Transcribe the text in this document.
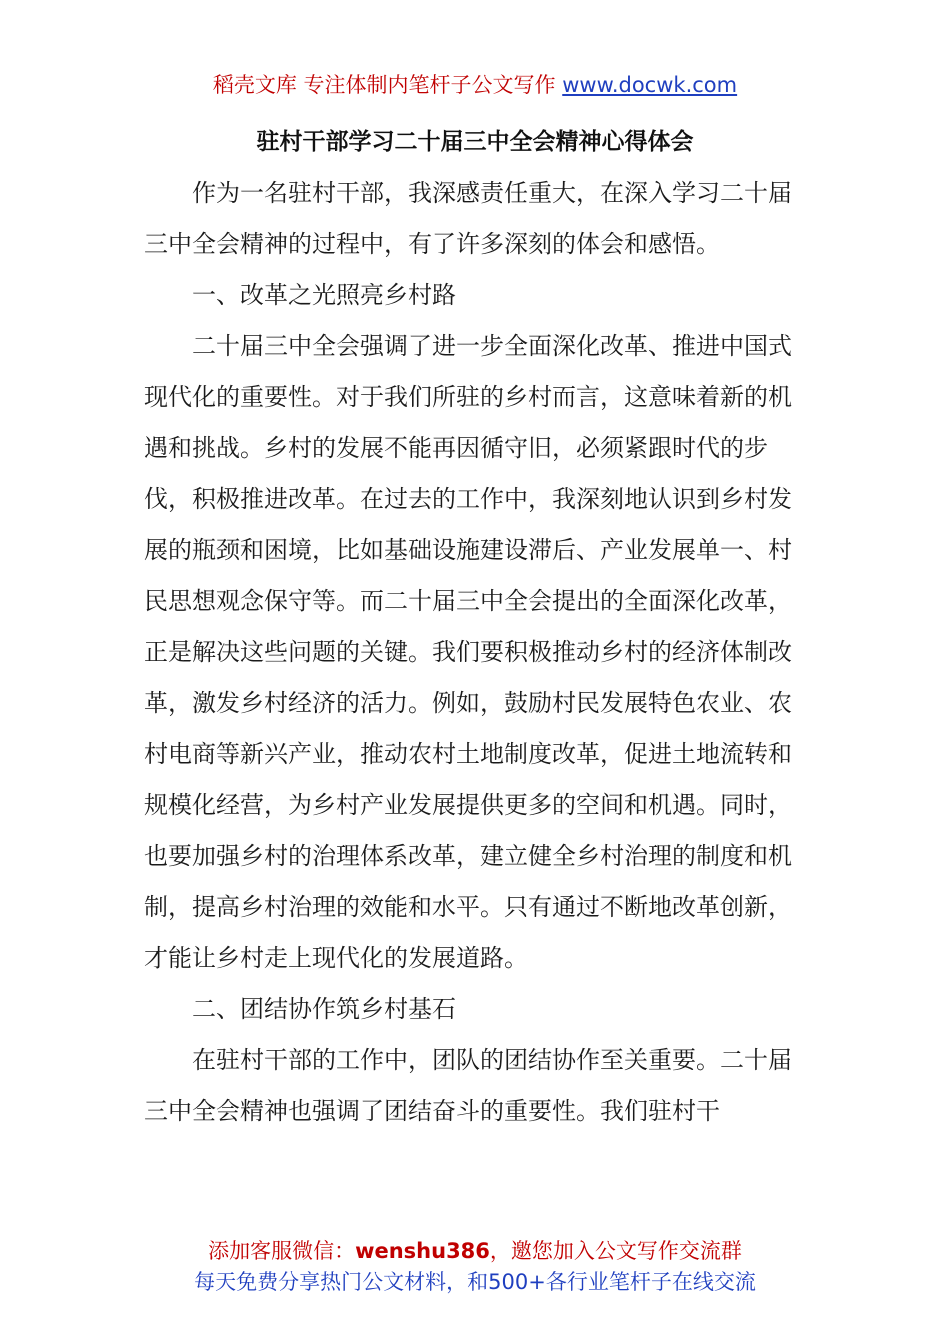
稻壳文库 专注体制内笔杆子公文写作 www.docwk.com
驻村干部学习二十届三中全会精神心得体会

作为一名驻村干部，我深感责任重大，在深入学习二十届三中全会精神的过程中，有了许多深刻的体会和感悟。

一、改革之光照亮乡村路

二十届三中全会强调了进一步全面深化改革、推进中国式现代化的重要性。对于我们所驻的乡村而言，这意味着新的机遇和挑战。乡村的发展不能再因循守旧，必须紧跟时代的步伐，积极推进改革。在过去的工作中，我深刻地认识到乡村发展的瓶颈和困境，比如基础设施建设滞后、产业发展单一、村民思想观念保守等。而二十届三中全会提出的全面深化改革，正是解决这些问题的关键。我们要积极推动乡村的经济体制改革，激发乡村经济的活力。例如，鼓励村民发展特色农业、农村电商等新兴产业，推动农村土地制度改革，促进土地流转和规模化经营，为乡村产业发展提供更多的空间和机遇。同时，也要加强乡村的治理体系改革，建立健全乡村治理的制度和机制，提高乡村治理的效能和水平。只有通过不断地改革创新，才能让乡村走上现代化的发展道路。

二、团结协作筑乡村基石

在驻村干部的工作中，团队的团结协作至关重要。二十届三中全会精神也强调了团结奋斗的重要性。我们驻村干

添加客服微信：wenshu386，邀您加入公文写作交流群
每天免费分享热门公文材料，和500+各行业笔杆子在线交流
